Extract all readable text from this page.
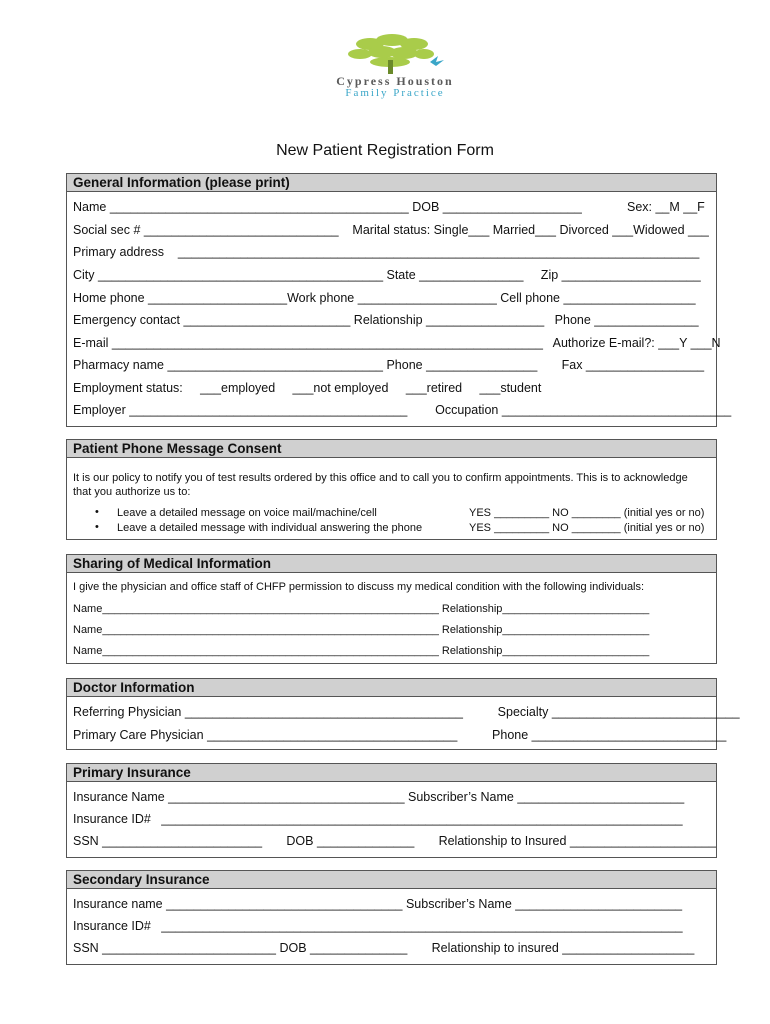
Cypress Houston
Family Practice
New Patient Registration Form
General Information (please print)
Name ___________________________________________ DOB ____________________	Sex: __M __F
Social sec # ____________________________    Marital status: Single___ Married___ Divorced ___Widowed ___
Primary address    ___________________________________________________________________________
City _________________________________________ State _______________     Zip ____________________
Home phone ____________________Work phone ____________________ Cell phone ___________________
Emergency contact ________________________ Relationship _________________   Phone _______________
E-mail ______________________________________________________________   Authorize E-mail?: ___Y ___N
Pharmacy name _______________________________ Phone ________________       Fax _________________
Employment status:     ___employed     ___not employed     ___retired     ___student
Employer ________________________________________        Occupation _________________________________
Patient Phone Message Consent
It is our policy to notify you of test results ordered by this office and to call you to confirm appointments. This is to acknowledge
that you authorize us to:
• Leave a detailed message on voice mail/machine/cell	YES _________ NO ________ (initial yes or no)
• Leave a detailed message with individual answering the phone	YES _________ NO ________ (initial yes or no)
Sharing of Medical Information
I give the physician and office staff of CHFP permission to discuss my medical condition with the following individuals:
Name_______________________________________________________ Relationship________________________
Name_______________________________________________________ Relationship________________________
Name_______________________________________________________ Relationship________________________
Doctor Information
Referring Physician ________________________________________          Specialty ___________________________
Primary Care Physician ____________________________________          Phone ____________________________
Primary Insurance
Insurance Name __________________________________ Subscriber’s Name ________________________
Insurance ID#   ___________________________________________________________________________
SSN _______________________       DOB ______________       Relationship to Insured _____________________
Secondary Insurance
Insurance name __________________________________ Subscriber’s Name ________________________
Insurance ID#   ___________________________________________________________________________
SSN _________________________ DOB ______________       Relationship to insured ___________________
